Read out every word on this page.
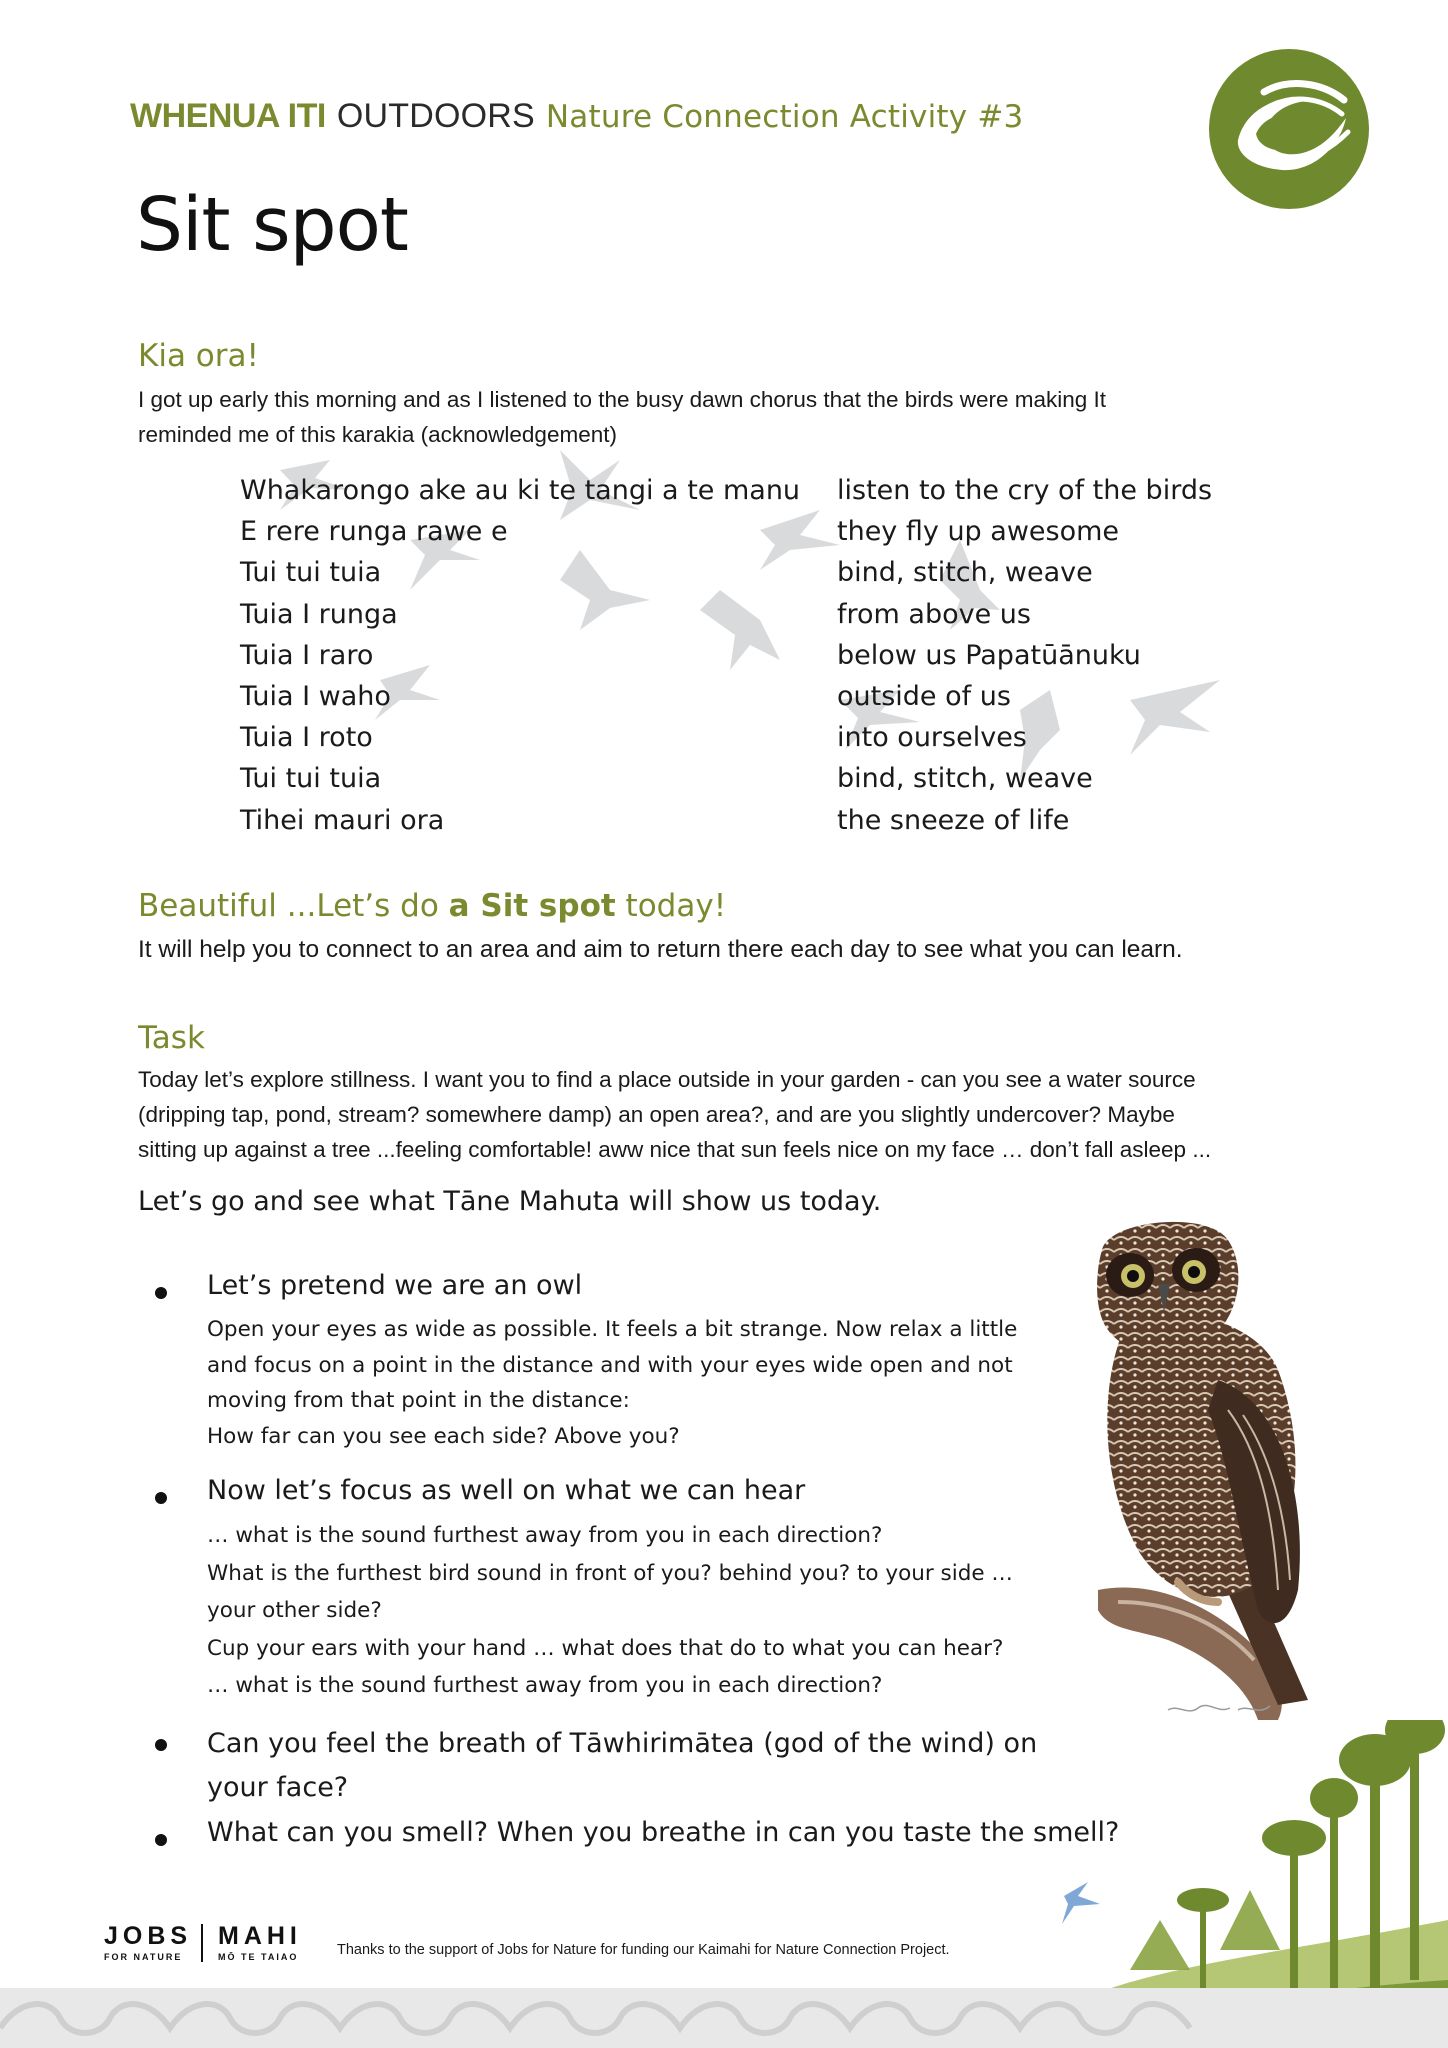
WHENUA ITI OUTDOORS Nature Connection Activity #3
Sit spot
Kia ora!
I got up early this morning and as I listened to the busy dawn chorus that the birds were making It
reminded me of this karakia (acknowledgement)
Whakarongo ake au ki te tangi a te manu
E rere runga rawe e
Tui tui tuia
Tuia I runga
Tuia I raro
Tuia I waho
Tuia I roto
Tui tui tuia
Tihei mauri ora
listen to the cry of the birds
they fly up awesome
bind, stitch, weave
from above us
below us Papatūānuku
outside of us
into ourselves
bind, stitch, weave
the sneeze of life
Beautiful ...Let’s do a Sit spot today!
It will help you to connect to an area and aim to return there each day to see what you can learn.
Task
Today let’s explore stillness. I want you to find a place outside in your garden - can you see a water source
(dripping tap, pond, stream? somewhere damp) an open area?, and are you slightly undercover? Maybe
sitting up against a tree ...feeling comfortable! aww nice that sun feels nice on my face … don’t fall asleep ...
Let’s go and see what Tāne Mahuta will show us today.
Let’s pretend we are an owl
Open your eyes as wide as possible. It feels a bit strange. Now relax a little
and focus on a point in the distance and with your eyes wide open and not
moving from that point in the distance:
How far can you see each side? Above you?
Now let’s focus as well on what we can hear
… what is the sound furthest away from you in each direction?
What is the furthest bird sound in front of you? behind you? to your side …
your other side?
Cup your ears with your hand … what does that do to what you can hear?
… what is the sound furthest away from you in each direction?
Can you feel the breath of Tāwhirimātea (god of the wind) on
your face?
What can you smell? When you breathe in can you taste the smell?
JOBS
FOR NATURE
MAHI
MŌ TE TAIAO	Thanks to the support of Jobs for Nature for funding our Kaimahi for Nature Connection Project.
